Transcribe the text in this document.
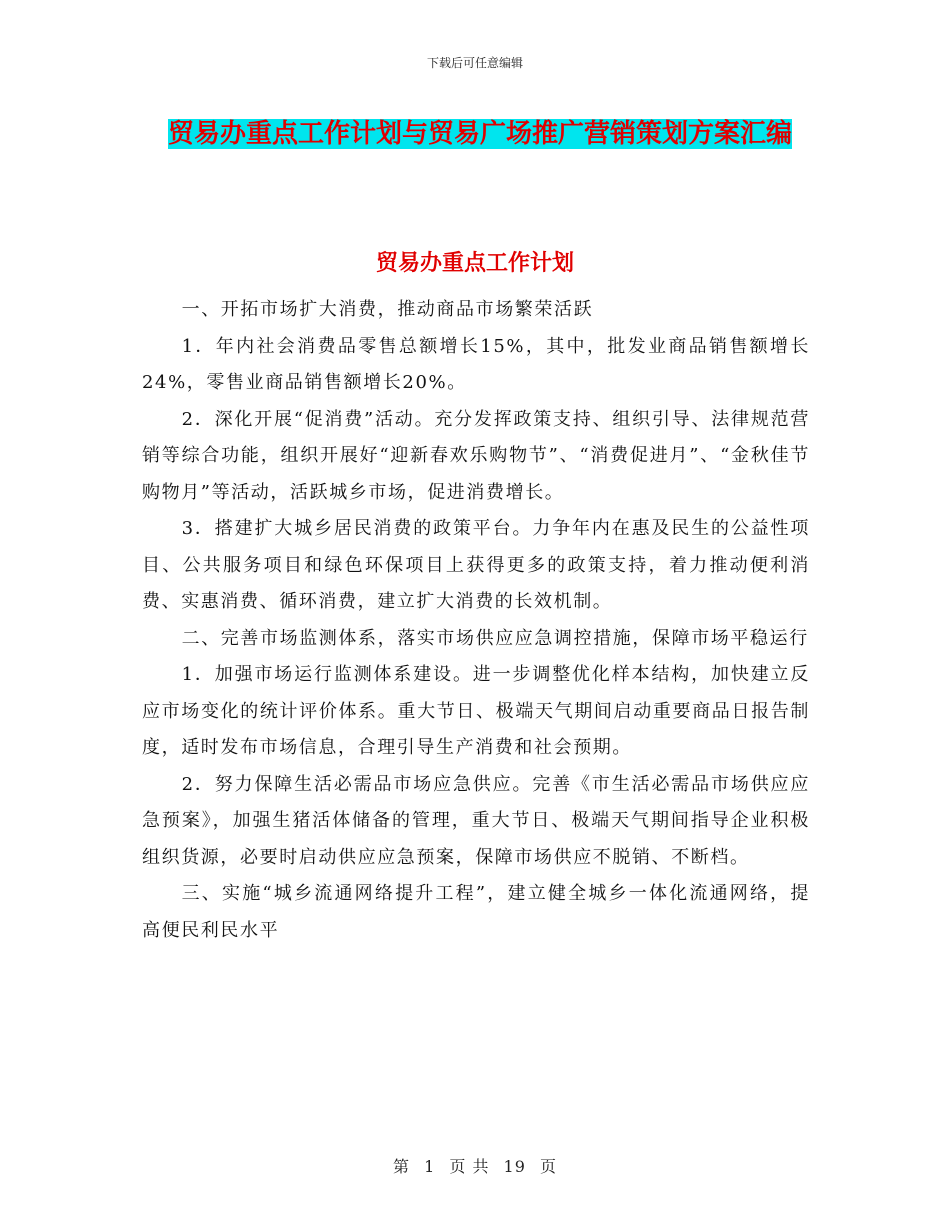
下载后可任意编辑
贸易办重点工作计划与贸易广场推广营销策划方案汇编
贸易办重点工作计划

一、开拓市场扩大消费，推动商品市场繁荣活跃

1．年内社会消费品零售总额增长15%，其中，批发业商品销售额增长24%，零售业商品销售额增长20%。

2．深化开展“促消费”活动。充分发挥政策支持、组织引导、法律规范营销等综合功能，组织开展好“迎新春欢乐购物节”、“消费促进月”、“金秋佳节购物月”等活动，活跃城乡市场，促进消费增长。

3．搭建扩大城乡居民消费的政策平台。力争年内在惠及民生的公益性项目、公共服务项目和绿色环保项目上获得更多的政策支持，着力推动便利消费、实惠消费、循环消费，建立扩大消费的长效机制。

二、完善市场监测体系，落实市场供应应急调控措施，保障市场平稳运行

1．加强市场运行监测体系建设。进一步调整优化样本结构，加快建立反应市场变化的统计评价体系。重大节日、极端天气期间启动重要商品日报告制度，适时发布市场信息，合理引导生产消费和社会预期。

2．努力保障生活必需品市场应急供应。完善《市生活必需品市场供应应急预案》，加强生猪活体储备的管理，重大节日、极端天气期间指导企业积极组织货源，必要时启动供应应急预案，保障市场供应不脱销、不断档。

三、实施“城乡流通网络提升工程”，建立健全城乡一体化流通网络，提高便民利民水平

第 1 页 共 19 页
